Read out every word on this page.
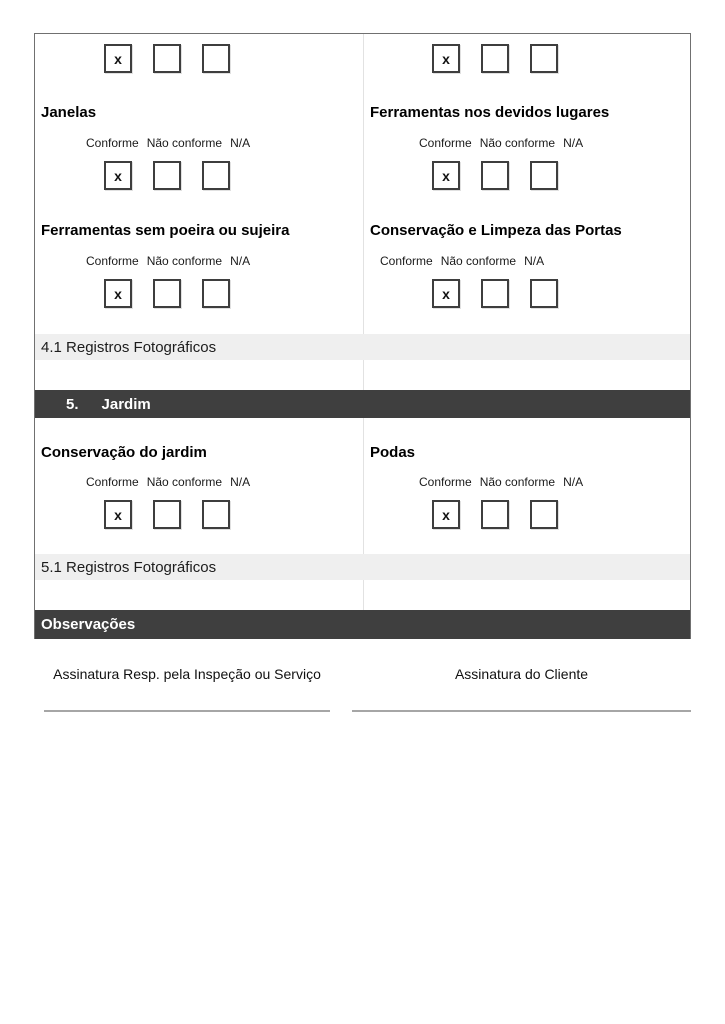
x
Janelas
Conforme Não conforme N/A
x
Ferramentas sem poeira ou sujeira
Conforme Não conforme N/A
x
x
Ferramentas nos devidos lugares
Conforme Não conforme N/A
x
Conservação e Limpeza das Portas
Conforme Não conforme N/A
x
4.1 Registros Fotográficos
5. Jardim
Conservação do jardim
Conforme Não conforme N/A
x
Podas
Conforme Não conforme N/A
x
5.1 Registros Fotográficos
Observações
Assinatura Resp. pela Inspeção ou Serviço	Assinatura do Cliente
